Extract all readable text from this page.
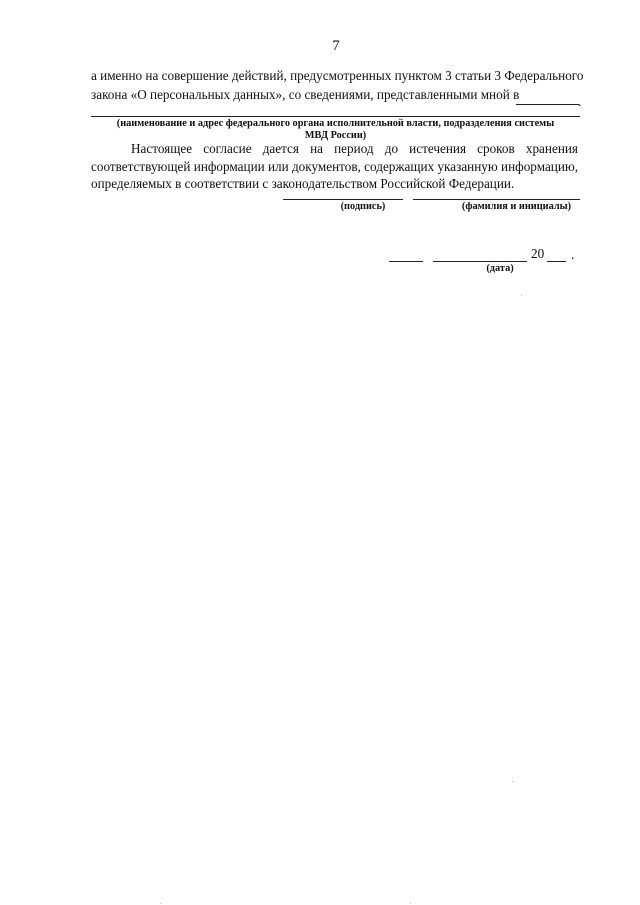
7
а именно на совершение действий, предусмотренных пунктом 3 статьи 3 Федерального
закона «О персональных данных», со сведениями, представленными мной в	.
(наименование и адрес федерального органа исполнительной власти, подразделения системы
МВД России)
Настоящее согласие дается на период до истечения сроков хранения
соответствующей информации или документов, содержащих указанную информацию,
определяемых в соответствии с законодательством Российской Федерации.
(подпись)	(фамилия и инициалы)
20 .
(дата)
